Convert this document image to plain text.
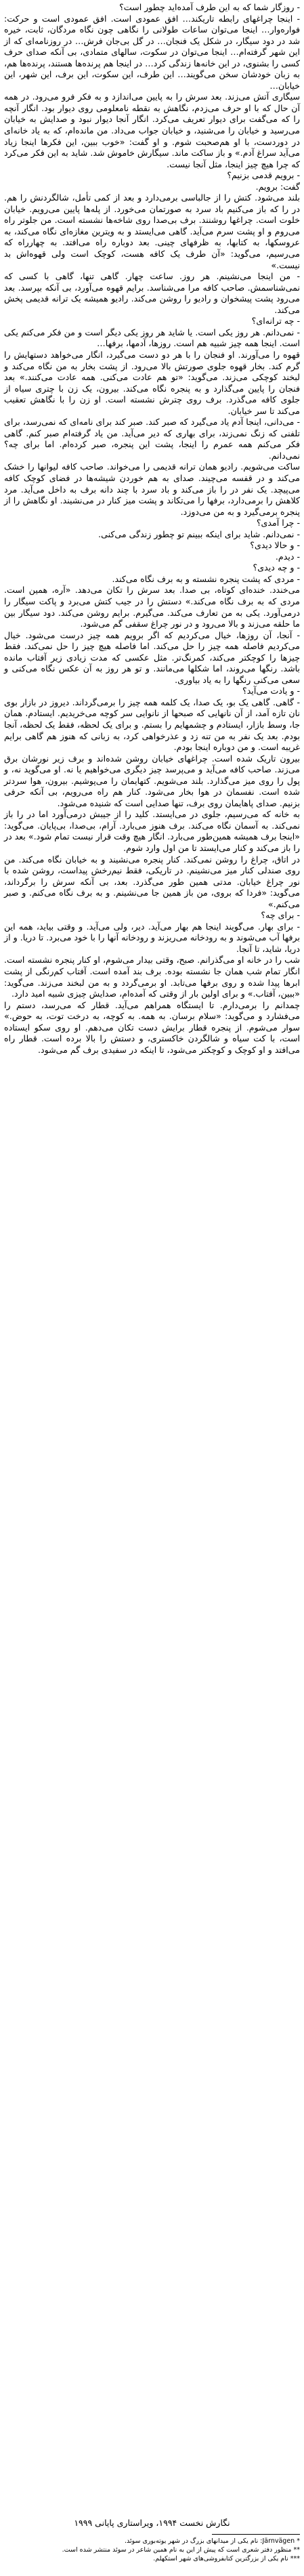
- روزگار شما که به این طرف آمده‌اید چطور است؟

- اینجا چراغهای رابطه تاریکند… افق عمودی است. افق عمودی است و حرکت: فواره‌وار… اینجا می‌توان ساعات طولانی را نگاهی چون نگاه مردگان، ثابت، خیره شد در دود سیگار، در شکل یک فنجان… در گل بی‌جان فرش… در روزنامه‌ای که از این شهر گرفته‌ام… اینجا می‌توان در سکوت، سالهای متمادی، بی آنکه صدای حرف کسی را بشنوی، در این خانه‌ها زندگی کرد… در اینجا هم پرنده‌ها هستند، پرنده‌ها هم، به زبان خودشان سخن می‌گویند… این طرف، این سکوت، این برف، این شهر، این خیابان…

سیگاری آتش می‌زند. بعد سرش را به پایین می‌اندازد و به فکر فرو می‌رود. در همه آن حال که با او حرف می‌زدم، نگاهش به نقطه نامعلومی روی دیوار بود. انگار آنچه را که می‌گفت برای دیوار تعریف می‌کرد. انگار آنجا دیوار نبود و صدایش به خیابان می‌رسید و خیابان را می‌شنید، و خیابان جواب می‌داد. من مانده‌ام، که به یاد خانه‌ای در دوردست، با او هم‌صحبت شوم. و او گفت: «خوب ببین، این فکرها اینجا زیاد می‌آید سراغ آدم.» و باز ساکت ماند. سیگارش خاموش شد. شاید به این فکر می‌کرد که چرا هیچ چیز اینجا، مثل آنجا نیست.

- برویم قدمی بزنیم؟

گفت: برویم.

بلند می‌شود. کتش را از جالباسی برمی‌دارد و بعد از کمی تأمل، شالگردنش را هم. در را که باز می‌کنیم باد سرد به صورتمان می‌خورد. از پله‌ها پایین می‌رویم. خیابان خلوت است. چراغها روشنند. برف بی‌صدا روی شاخه‌ها نشسته است. من جلوتر راه می‌روم و او پشت سرم می‌آید. گاهی می‌ایستد و به ویترین مغازه‌ای نگاه می‌کند، به عروسکها، به کتابها، به ظرفهای چینی. بعد دوباره راه می‌افتد. به چهارراه که می‌رسیم، می‌گوید: «آن طرف یک کافه هست، کوچک است ولی قهوه‌اش بد نیست.»

- من اینجا می‌نشینم. هر روز. ساعت چهار. گاهی تنها، گاهی با کسی که نمی‌شناسمش. صاحب کافه مرا می‌شناسد. برایم قهوه می‌آورد، بی آنکه بپرسد. بعد می‌رود پشت پیشخوان و رادیو را روشن می‌کند. رادیو همیشه یک ترانه قدیمی پخش می‌کند.

- چه ترانه‌ای؟

- نمی‌دانم. هر روز یکی است. یا شاید هر روز یکی دیگر است و من فکر می‌کنم یکی است. اینجا همه چیز شبیه هم است. روزها، آدمها، برفها…

قهوه را می‌آورند. او فنجان را با هر دو دست می‌گیرد، انگار می‌خواهد دستهایش را گرم کند. بخار قهوه جلوی صورتش بالا می‌رود. از پشت بخار به من نگاه می‌کند و لبخند کوچکی می‌زند. می‌گوید: «تو هم عادت می‌کنی. همه عادت می‌کنند.» بعد فنجان را پایین می‌گذارد و به پنجره نگاه می‌کند. بیرون، یک زن با چتری سیاه از جلوی کافه می‌گذرد. برف روی چترش نشسته است. او زن را با نگاهش تعقیب می‌کند تا سر خیابان.

- می‌دانی، اینجا آدم یاد می‌گیرد که صبر کند. صبر کند برای نامه‌ای که نمی‌رسد، برای تلفنی که زنگ نمی‌زند، برای بهاری که دیر می‌آید. من یاد گرفته‌ام صبر کنم. گاهی فکر می‌کنم همه عمرم را اینجا، پشت این پنجره، صبر کرده‌ام. اما برای چه؟ نمی‌دانم.

ساکت می‌شویم. رادیو همان ترانه قدیمی را می‌خواند. صاحب کافه لیوانها را خشک می‌کند و در قفسه می‌چیند. صدای به هم خوردن شیشه‌ها در فضای کوچک کافه می‌پیچد. یک نفر در را باز می‌کند و باد سرد با چند دانه برف به داخل می‌آید. مرد کلاهش را برمی‌دارد، برفها را می‌تکاند و پشت میز کنار در می‌نشیند. او نگاهش را از پنجره برمی‌گیرد و به من می‌دوزد.

- چرا آمدی؟

- نمی‌دانم. شاید برای اینکه ببینم تو چطور زندگی می‌کنی.

- و حالا دیدی؟

- دیدم.

- و چه دیدی؟

- مردی که پشت پنجره نشسته و به برف نگاه می‌کند.

می‌خندد. خنده‌ای کوتاه، بی صدا. بعد سرش را تکان می‌دهد. «آره، همین است. مردی که به برف نگاه می‌کند.» دستش را در جیب کتش می‌برد و پاکت سیگار را درمی‌آورد. یکی به من تعارف می‌کند. می‌گیرم. برایم روشن می‌کند. دود سیگار بین ما حلقه می‌زند و بالا می‌رود و در نور چراغ سقفی گم می‌شود.

- آنجا، آن روزها، خیال می‌کردیم که اگر برویم همه چیز درست می‌شود. خیال می‌کردیم فاصله همه چیز را حل می‌کند. اما فاصله هیچ چیز را حل نمی‌کند. فقط چیزها را کوچکتر می‌کند، کمرنگ‌تر. مثل عکسی که مدت زیادی زیر آفتاب مانده باشد. رنگها می‌روند، اما شکلها می‌مانند. و تو هر روز به آن عکس نگاه می‌کنی و سعی می‌کنی رنگها را به یاد بیاوری.

- و یادت می‌آید؟

- گاهی. گاهی یک بو، یک صدا، یک کلمه همه چیز را برمی‌گرداند. دیروز در بازار بوی نان تازه آمد، از آن نانهایی که صبحها از نانوایی سر کوچه می‌خریدیم. ایستادم. همان جا، وسط بازار، ایستادم و چشمهایم را بستم. و برای یک لحظه، فقط یک لحظه، آنجا بودم. بعد یک نفر به من تنه زد و عذرخواهی کرد، به زبانی که هنوز هم گاهی برایم غریبه است. و من دوباره اینجا بودم.

بیرون تاریک شده است. چراغهای خیابان روشن شده‌اند و برف زیر نورشان برق می‌زند. صاحب کافه می‌آید و می‌پرسد چیز دیگری می‌خواهیم یا نه. او می‌گوید نه، و پول را روی میز می‌گذارد. بلند می‌شویم. کتهایمان را می‌پوشیم. بیرون، هوا سردتر شده است. نفسمان در هوا بخار می‌شود. کنار هم راه می‌رویم، بی آنکه حرفی بزنیم. صدای پاهایمان روی برف، تنها صدایی است که شنیده می‌شود.

به خانه که می‌رسیم، جلوی در می‌ایستد. کلید را از جیبش درمی‌آورد اما در را باز نمی‌کند. به آسمان نگاه می‌کند. برف هنوز می‌بارد. آرام، بی‌صدا، بی‌پایان. می‌گوید: «اینجا برف همیشه همین‌طور می‌بارد. انگار هیچ وقت قرار نیست تمام شود.» بعد در را باز می‌کند و کنار می‌ایستد تا من اول وارد شوم.

در اتاق، چراغ را روشن نمی‌کند. کنار پنجره می‌نشیند و به خیابان نگاه می‌کند. من روی صندلی کنار میز می‌نشینم. در تاریکی، فقط نیم‌رخش پیداست، روشن شده با نور چراغ خیابان. مدتی همین طور می‌گذرد. بعد، بی آنکه سرش را برگرداند، می‌گوید: «فردا که بروی، من باز همین جا می‌نشینم. و به برف نگاه می‌کنم. و صبر می‌کنم.»

- برای چه؟

- برای بهار. می‌گویند اینجا هم بهار می‌آید. دیر، ولی می‌آید. و وقتی بیاید، همه این برفها آب می‌شوند و به رودخانه می‌ریزند و رودخانه آنها را با خود می‌برد. تا دریا. و از دریا، شاید، تا آنجا.

شب را در خانه او می‌گذرانم. صبح، وقتی بیدار می‌شوم، او کنار پنجره نشسته است. انگار تمام شب همان جا نشسته بوده. برف بند آمده است. آفتاب کم‌رنگی از پشت ابرها پیدا شده و روی برفها می‌تابد. او برمی‌گردد و به من لبخند می‌زند. می‌گوید: «ببین، آفتاب.» و برای اولین بار از وقتی که آمده‌ام، صدایش چیزی شبیه امید دارد.

چمدانم را برمی‌دارم. تا ایستگاه همراهم می‌آید. قطار که می‌رسد، دستم را می‌فشارد و می‌گوید: «سلام برسان. به همه. به کوچه، به درخت توت، به حوض.» سوار می‌شوم. از پنجره قطار برایش دست تکان می‌دهم. او روی سکو ایستاده است، با کت سیاه و شالگردن خاکستری، و دستش را بالا برده است. قطار راه می‌افتد و او کوچک و کوچکتر می‌شود، تا اینکه در سفیدی برف گم می‌شود.

نگارش نخست ۱۹۹۴، ویراستاری پایانی ۱۹۹۹

* Järnvägen: نام یکی از میدانهای بزرگ در شهر یوته‌بوری سوئد.

** منظور دفتر شعری است که پیش از این به نام همین شاعر در سوئد منتشر شده است.

*** نام یکی از بزرگترین کتابفروشی‌های شهر استکهلم.
